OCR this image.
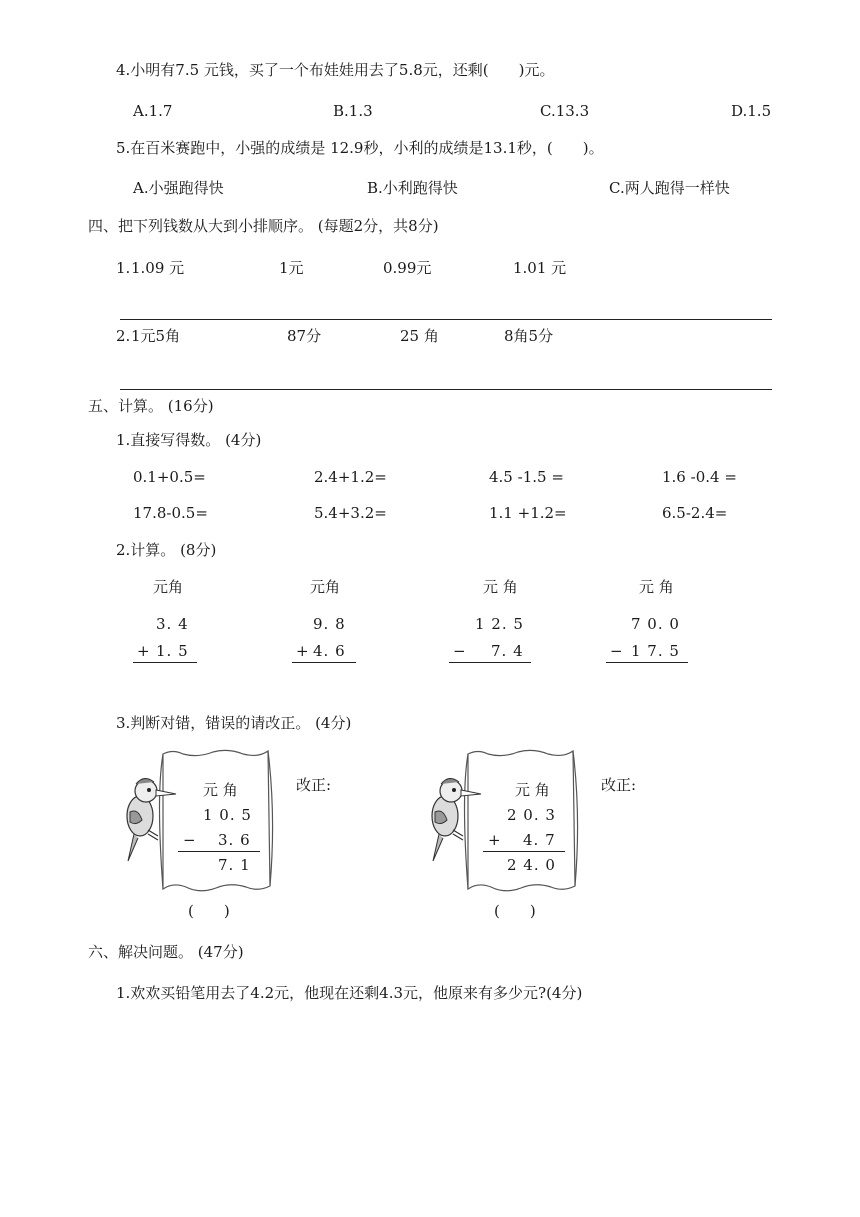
4.小明有7.5 元钱，买了一个布娃娃用去了5.8元，还剩(　　)元。
A.1.7	B.1.3	C.13.3	D.1.5
5.在百米赛跑中，小强的成绩是 12.9秒，小利的成绩是13.1秒，(　　)。
A.小强跑得快	B.小利跑得快	C.两人跑得一样快
四、把下列钱数从大到小排顺序。 (每题2分，共8分)
1. 1.09 元	1元	0.99元	1.01 元
2. 1元5角	87分	25 角	8角5分
五、计算。 (16分)
1.直接写得数。 (4分)
0.1+0.5=	2.4+1.2=	4.5 -1.5 =	1.6 -0.4 =
17.8-0.5=	5.4+3.2=	1.1 +1.2=	6.5-2.4=
2.计算。 (8分)
元角
3. 4
+ 1. 5
元角
9. 8
+ 4. 6
元 角
1 2. 5
− 7. 4
元 角
7 0. 0
− 1 7. 5
3.判断对错，错误的请改正。 (4分)
元 角
1 0. 5
− 3. 6
7. 1
改正:
(　　)
元 角
2 0. 3
+ 4. 7
2 4. 0
改正:
(　　)
六、解决问题。 (47分)
1.欢欢买铅笔用去了4.2元，他现在还剩4.3元，他原来有多少元?(4分)
